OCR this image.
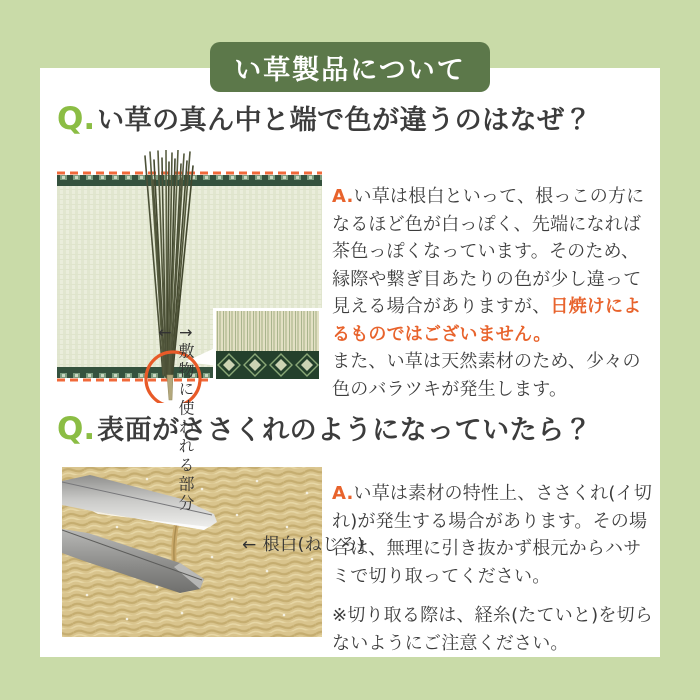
い草製品について
Q. い草の真ん中と端で色が違うのはなぜ？
↑敷物に使われる部分↓
← 根白(ねじろ)

A.い草は根白といって、根っこの方になるほど色が白っぽく、先端になれば茶色っぽくなっています。そのため、縁際や繋ぎ目あたりの色が少し違って見える場合がありますが、日焼けによるものではございません。
また、い草は天然素材のため、少々の色のバラツキが発生します。

Q. 表面がささくれのようになっていたら？

A.い草は素材の特性上、ささくれ(イ切れ)が発生する場合があります。その場合は、無理に引き抜かず根元からハサミで切り取ってください。

※切り取る際は、経糸(たていと)を切らないようにご注意ください。
